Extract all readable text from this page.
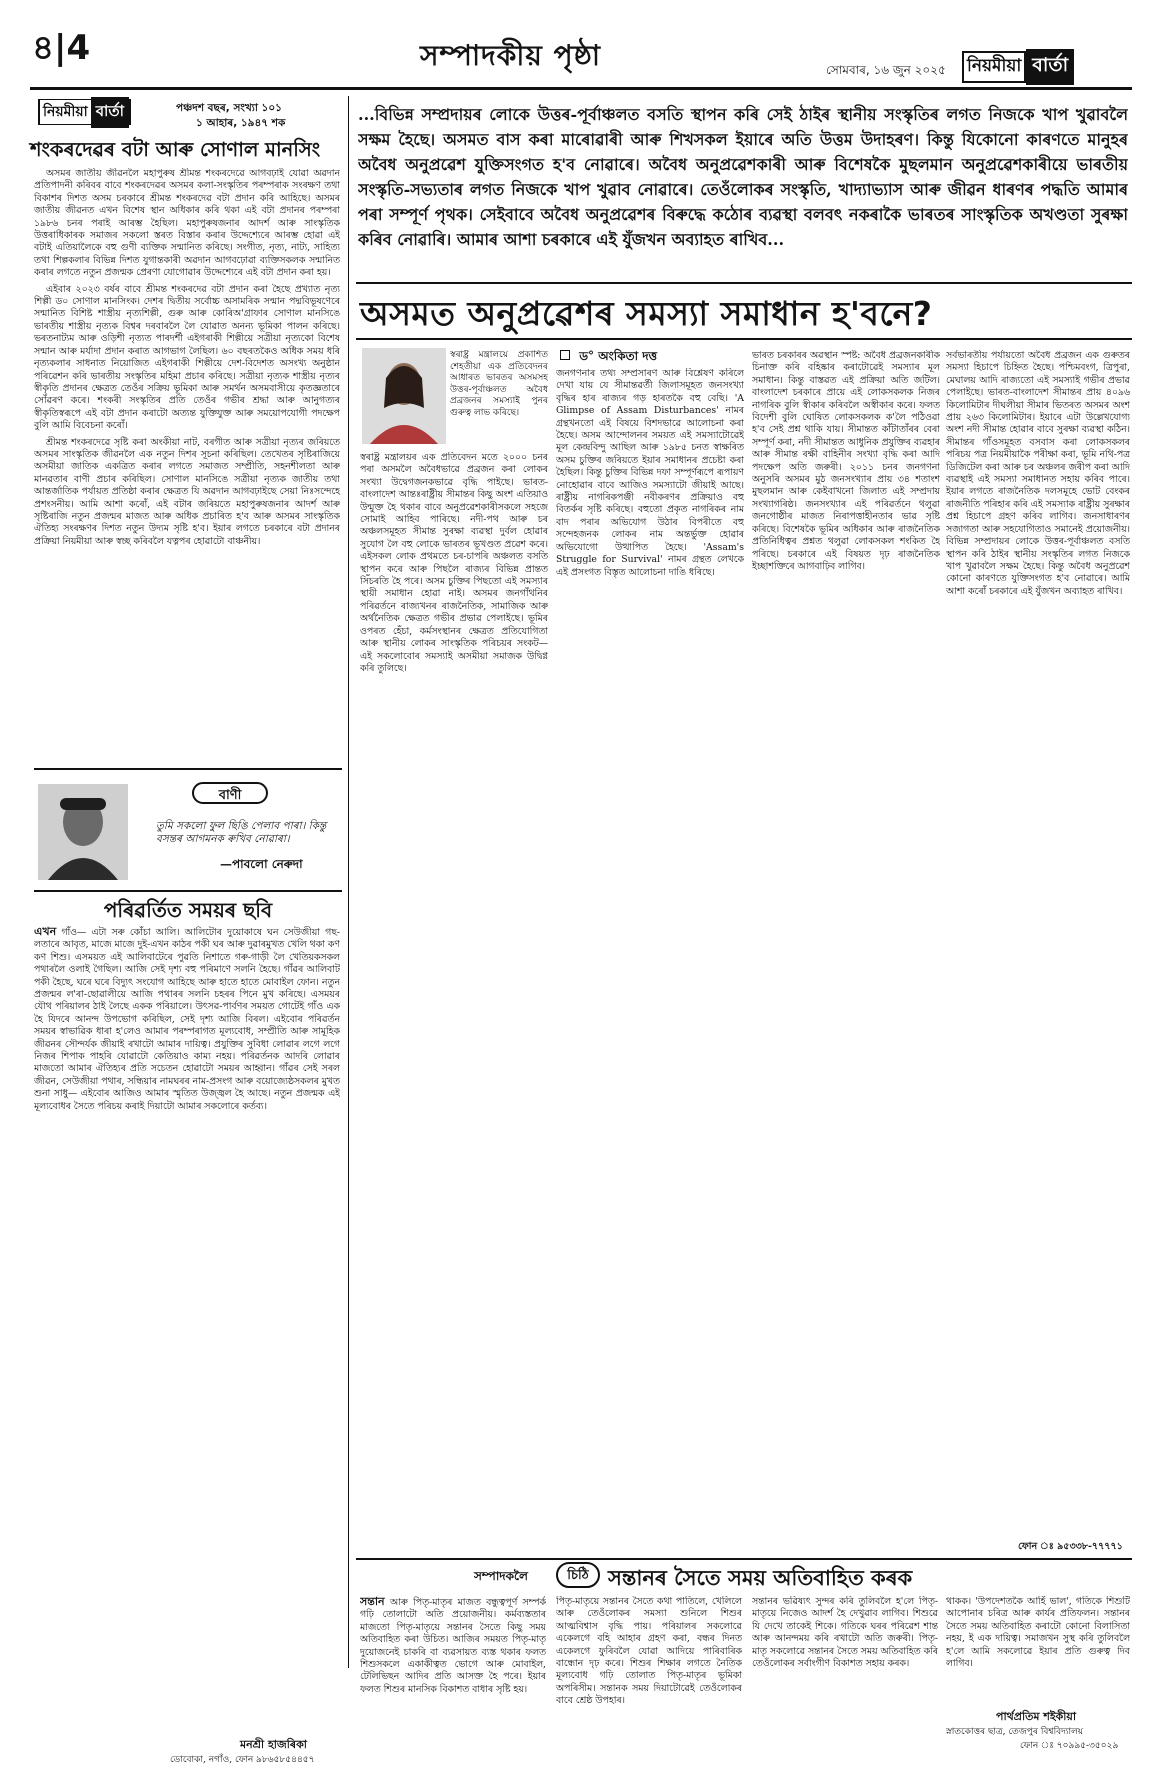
৪|4	সম্পাদকীয় পৃষ্ঠা	সোমবাৰ, ১৬ জুন ২০২৫ নিয়মীয়া বাৰ্তা
নিয়মীয়া বাৰ্তা	পঞ্চদশ বছৰ, সংখ্যা ১০১
১ আহাৰ, ১৯৪৭ শক
শংকৰদেৱৰ বটা আৰু সোণাল মানসিং

অসমৰ জাতীয় জীৱনলৈ মহাপুৰুষ শ্ৰীমন্ত শংকৰদেৱে আগবঢ়াই যোৱা অৱদান প্ৰতিপাদনী কৰিবৰ বাবে শংকৰদেৱৰ অসমৰ কলা-সংস্কৃতিৰ পৰম্পৰাক সংৰক্ষণ তথা বিকাশৰ দিশত অসম চৰকাৰে শ্ৰীমন্ত শংকৰদেৱ বটা প্ৰদান কৰি আহিছে। অসমৰ জাতীয় জীৱনত এখন বিশেষ স্থান অধিকাৰ কৰি থকা এই বটা প্ৰদানৰ পৰম্পৰা ১৯৮৬ চনৰ পৰাই আৰম্ভ হৈছিল। মহাপুৰুষজনাৰ আদৰ্শ আৰু সাংস্কৃতিক উত্তৰাধিকাৰক সমাজৰ সকলো স্তৰত বিস্তাৰ কৰাৰ উদ্দেশ্যেৰে আৰম্ভ হোৱা এই বটাই এতিয়ালৈকে বহু গুণী ব্যক্তিক সন্মানিত কৰিছে। সংগীত, নৃত্য, নাট্য, সাহিত্য তথা শিল্পকলাৰ বিভিন্ন দিশত যুগান্তকাৰী অৱদান আগবঢ়োৱা ব্যক্তিসকলক সন্মানিত কৰাৰ লগতে নতুন প্ৰজন্মক প্ৰেৰণা যোগোৱাৰ উদ্দেশ্যেৰে এই বটা প্ৰদান কৰা হয়।

এইবাৰ ২০২৩ বৰ্ষৰ বাবে শ্ৰীমন্ত শংকৰদেৱ বটা প্ৰদান কৰা হৈছে প্ৰখ্যাত নৃত্য শিল্পী ড০ সোণাল মানসিংক। দেশৰ দ্বিতীয় সৰ্বোচ্চ অসামৰিক সন্মান পদ্মবিভূষণেৰে সন্মানিত বিশিষ্ট শাস্ত্ৰীয় নৃত্যশিল্পী, গুৰু আৰু কোৰিঅ'গ্ৰাফাৰ সোণাল মানসিঙে ভাৰতীয় শাস্ত্ৰীয় নৃত্যক বিশ্বৰ দৰবাৰলৈ লৈ যোৱাত অনন্য ভূমিকা পালন কৰিছে। ভৰতনাট্যম আৰু ওড়িশী নৃত্যত পাৰদৰ্শী এইগৰাকী শিল্পীয়ে সত্ৰীয়া নৃত্যকো বিশেষ সন্মান আৰু মৰ্যাদা প্ৰদান কৰাত আগভাগ লৈছিল। ৬০ বছৰতকৈও অধিক সময় ধৰি নৃত্যকলাৰ সাধনাত নিয়োজিত এইগৰাকী শিল্পীয়ে দেশ-বিদেশত অসংখ্য অনুষ্ঠান পৰিৱেশন কৰি ভাৰতীয় সংস্কৃতিৰ মহিমা প্ৰচাৰ কৰিছে। সত্ৰীয়া নৃত্যক শাস্ত্ৰীয় নৃত্যৰ স্বীকৃতি প্ৰদানৰ ক্ষেত্ৰত তেওঁৰ সক্ৰিয় ভূমিকা আৰু সমৰ্থন অসমবাসীয়ে কৃতজ্ঞতাৰে সোঁৱৰণ কৰে। শংকৰী সংস্কৃতিৰ প্ৰতি তেওঁৰ গভীৰ শ্ৰদ্ধা আৰু আনুগত্যৰ স্বীকৃতিস্বৰূপে এই বটা প্ৰদান কৰাটো অত্যন্ত যুক্তিযুক্ত আৰু সময়োপযোগী পদক্ষেপ বুলি আমি বিবেচনা কৰোঁ।

শ্ৰীমন্ত শংকৰদেৱে সৃষ্টি কৰা অংকীয়া নাট, বৰগীত আৰু সত্ৰীয়া নৃত্যৰ জৰিয়তে অসমৰ সাংস্কৃতিক জীৱনলৈ এক নতুন দিশৰ সূচনা কৰিছিল। তেখেতৰ সৃষ্টিৰাজিয়ে অসমীয়া জাতিক একত্ৰিত কৰাৰ লগতে সমাজত সম্প্ৰীতি, সহনশীলতা আৰু মানৱতাৰ বাণী প্ৰচাৰ কৰিছিল। সোণাল মানসিঙে সত্ৰীয়া নৃত্যক জাতীয় তথা আন্তৰ্জাতিক পৰ্যায়ত প্ৰতিষ্ঠা কৰাৰ ক্ষেত্ৰত যি অৱদান আগবঢ়াইছে সেয়া নিঃসন্দেহে প্ৰশংসনীয়। আমি আশা কৰোঁ, এই বটাৰ জৰিয়তে মহাপুৰুষজনাৰ আদৰ্শ আৰু সৃষ্টিৰাজি নতুন প্ৰজন্মৰ মাজত আৰু অধিক প্ৰচাৰিত হ'ব আৰু অসমৰ সাংস্কৃতিক ঐতিহ্য সংৰক্ষণৰ দিশত নতুন উদ্যম সৃষ্টি হ'ব। ইয়াৰ লগতে চৰকাৰে বটা প্ৰদানৰ প্ৰক্ৰিয়া নিয়মীয়া আৰু স্বচ্ছ কৰিবলৈ যত্নপৰ হোৱাটো বাঞ্চনীয়।

বাণী
তুমি সকলো ফুল ছিঙি পেলাব পাৰা। কিন্তু বসন্তৰ আগমনক ৰুখিব নোৱাৰা।
—পাবলো নেৰুদা
পৰিৱৰ্তিত সময়ৰ ছবি
এখন গাঁও— এটা সৰু কোঁচা আলি। আলিটোৰ দুয়োকাষে ঘন সেউজীয়া গছ-লতাৰে আবৃত, মাজে মাজে দুই-এখন কাঠৰ পকী ঘৰ আৰু দুৱাৰমুখত খেলি থকা কণ কণ শিশু। এসময়ত এই আলিবাটেৰে পুৱতি নিশাতে গৰু-গাড়ী লৈ খেতিয়কসকল পথাৰলৈ ওলাই গৈছিল। আজি সেই দৃশ্য বহু পৰিমাণে সলনি হৈছে। গাঁৱৰ আলিবাট পকী হৈছে, ঘৰে ঘৰে বিদ্যুৎ সংযোগ আহিছে আৰু হাতে হাতে মোবাইল ফোন। নতুন প্ৰজন্মৰ ল'ৰা-ছোৱালীয়ে আজি পথাৰৰ সলনি চহৰৰ পিনে মুখ কৰিছে। এসময়ৰ যৌথ পৰিয়ালৰ ঠাই লৈছে একক পৰিয়ালে। উৎসৱ-পাৰ্বণৰ সময়ত গোটেই গাঁও এক হৈ যিদৰে আনন্দ উপভোগ কৰিছিল, সেই দৃশ্য আজি বিৰল। এইবোৰ পৰিৱৰ্তন সময়ৰ স্বাভাৱিক ধাৰা হ'লেও আমাৰ পৰম্পৰাগত মূল্যবোধ, সম্প্ৰীতি আৰু সামূহিক জীৱনৰ সৌন্দৰ্যক জীয়াই ৰখাটো আমাৰ দায়িত্ব। প্ৰযুক্তিৰ সুবিধা লোৱাৰ লগে লগে নিজৰ শিপাক পাহৰি যোৱাটো কেতিয়াও কাম্য নহয়। পৰিৱৰ্তনক আদৰি লোৱাৰ মাজতো আমাৰ ঐতিহ্যৰ প্ৰতি সচেতন হোৱাটো সময়ৰ আহ্বান। গাঁৱৰ সেই সৰল জীৱন, সেউজীয়া পথাৰ, সন্ধিয়াৰ নামঘৰৰ নাম-প্ৰসংগ আৰু বয়োজ্যেষ্ঠসকলৰ মুখত শুনা সাধু— এইবোৰ আজিও আমাৰ স্মৃতিত উজ্জ্বল হৈ আছে। নতুন প্ৰজন্মক এই মূল্যবোধৰ সৈতে পৰিচয় কৰাই দিয়াটো আমাৰ সকলোৰে কৰ্তব্য।
মনশ্ৰী হাজৰিকা
ডোবোকা, নগাঁও, ফোন ৯৮৬৫৮৫৪৪৫৭
...বিভিন্ন সম্প্ৰদায়ৰ লোকে উত্তৰ-পূৰ্বাঞ্চলত বসতি স্থাপন কৰি সেই ঠাইৰ স্থানীয় সংস্কৃতিৰ লগত নিজকে খাপ খুৱাবলৈ সক্ষম হৈছে। অসমত বাস কৰা মাৰোৱাৰী আৰু শিখসকল ইয়াৰে অতি উত্তম উদাহৰণ। কিন্তু যিকোনো কাৰণতে মানুহৰ অবৈধ অনুপ্ৰৱেশ যুক্তিসংগত হ'ব নোৱাৰে। অবৈধ অনুপ্ৰৱেশকাৰী আৰু বিশেষকৈ মুছলমান অনুপ্ৰৱেশকাৰীয়ে ভাৰতীয় সংস্কৃতি-সভ্যতাৰ লগত নিজকে খাপ খুৱাব নোৱাৰে। তেওঁলোকৰ সংস্কৃতি, খাদ্যাভ্যাস আৰু জীৱন ধাৰণৰ পদ্ধতি আমাৰ পৰা সম্পূৰ্ণ পৃথক। সেইবাবে অবৈধ অনুপ্ৰৱেশৰ বিৰুদ্ধে কঠোৰ ব্যৱস্থা বলবৎ নকৰাকৈ ভাৰতৰ সাংস্কৃতিক অখণ্ডতা সুৰক্ষা কৰিব নোৱাৰি। আমাৰ আশা চৰকাৰে এই যুঁজখন অব্যাহত ৰাখিব...
অসমত অনুপ্ৰৱেশৰ সমস্যা সমাধান হ'বনে?
ড° অংকিতা দত্ত
স্বৰাষ্ট্ৰ মন্ত্ৰালয়ে প্ৰকাশিত শেহতীয়া এক প্ৰতিবেদনৰ আধাৰত ভাৰতৰ অসমসহ উত্তৰ-পূৰ্বাঞ্চলত অবৈধ প্ৰব্ৰজনৰ সমস্যাই পুনৰ গুৰুত্ব লাভ কৰিছে।
স্বৰাষ্ট্ৰ মন্ত্ৰালয়ৰ এক প্ৰতিবেদন মতে ২০০০ চনৰ পৰা অসমলৈ অবৈধভাৱে প্ৰব্ৰজন কৰা লোকৰ সংখ্যা উদ্বেগজনকভাৱে বৃদ্ধি পাইছে। ভাৰত-বাংলাদেশ আন্তঃৰাষ্ট্ৰীয় সীমান্তৰ কিছু অংশ এতিয়াও উন্মুক্ত হৈ থকাৰ বাবে অনুপ্ৰৱেশকাৰীসকলে সহজে সোমাই আহিব পাৰিছে। নদী-পথ আৰু চৰ অঞ্চলসমূহত সীমান্ত সুৰক্ষা ব্যৱস্থা দুৰ্বল হোৱাৰ সুযোগ লৈ বহু লোকে ভাৰতৰ ভূখণ্ডত প্ৰৱেশ কৰে। এইসকল লোক প্ৰথমতে চৰ-চাপৰি অঞ্চলত বসতি স্থাপন কৰে আৰু পিছলৈ ৰাজ্যৰ বিভিন্ন প্ৰান্তত সিঁচৰতি হৈ পৰে। অসম চুক্তিৰ পিছতো এই সমস্যাৰ স্থায়ী সমাধান হোৱা নাই। অসমৰ জনগাঁথনিৰ পৰিৱৰ্তনে ৰাজ্যখনৰ ৰাজনৈতিক, সামাজিক আৰু অৰ্থনৈতিক ক্ষেত্ৰত গভীৰ প্ৰভাৱ পেলাইছে। ভূমিৰ ওপৰত হেঁচা, কৰ্মসংস্থানৰ ক্ষেত্ৰত প্ৰতিযোগিতা আৰু স্থানীয় লোকৰ সাংস্কৃতিক পৰিচয়ৰ সংকট— এই সকলোবোৰ সমস্যাই অসমীয়া সমাজক উদ্বিগ্ন কৰি তুলিছে।
জনগণনাৰ তথ্য সম্প্ৰসাৰণ আৰু বিশ্লেষণ কৰিলে দেখা যায় যে সীমান্তৱৰ্তী জিলাসমূহত জনসংখ্যা বৃদ্ধিৰ হাৰ ৰাজ্যৰ গড় হাৰতকৈ বহু বেছি। 'A Glimpse of Assam Disturbances' নামৰ গ্ৰন্থখনতো এই বিষয়ে বিশদভাৱে আলোচনা কৰা হৈছে। অসম আন্দোলনৰ সময়ত এই সমস্যাটোৱেই মূল কেন্দ্ৰবিন্দু আছিল আৰু ১৯৮৫ চনত স্বাক্ষৰিত অসম চুক্তিৰ জৰিয়তে ইয়াৰ সমাধানৰ প্ৰচেষ্টা কৰা হৈছিল। কিন্তু চুক্তিৰ বিভিন্ন দফা সম্পূৰ্ণৰূপে ৰূপায়ণ নোহোৱাৰ বাবে আজিও সমস্যাটো জীয়াই আছে। ৰাষ্ট্ৰীয় নাগৰিকপঞ্জী নবীকৰণৰ প্ৰক্ৰিয়াও বহু বিতৰ্কৰ সৃষ্টি কৰিছে। বহুতো প্ৰকৃত নাগৰিকৰ নাম বাদ পৰাৰ অভিযোগ উঠাৰ বিপৰীতে বহু সন্দেহজনক লোকৰ নাম অন্তৰ্ভুক্ত হোৱাৰ অভিযোগো উত্থাপিত হৈছে। 'Assam's Struggle for Survival' নামৰ গ্ৰন্থত লেখকে এই প্ৰসংগত বিস্তৃত আলোচনা দাঙি ধৰিছে।
ভাৰত চৰকাৰৰ অৱস্থান স্পষ্ট: অবৈধ প্ৰব্ৰজনকাৰীক চিনাক্ত কৰি বহিষ্কাৰ কৰাটোৱেই সমস্যাৰ মূল সমাধান। কিন্তু বাস্তৱত এই প্ৰক্ৰিয়া অতি জটিল। বাংলাদেশ চৰকাৰে প্ৰায়ে এই লোকসকলক নিজৰ নাগৰিক বুলি স্বীকাৰ কৰিবলৈ অস্বীকাৰ কৰে। ফলত বিদেশী বুলি ঘোষিত লোকসকলক ক'লৈ পঠিওৱা হ'ব সেই প্ৰশ্ন থাকি যায়। সীমান্তত কাঁটাতাঁৰৰ বেৰা সম্পূৰ্ণ কৰা, নদী সীমান্তত আধুনিক প্ৰযুক্তিৰ ব্যৱহাৰ আৰু সীমান্ত ৰক্ষী বাহিনীৰ সংখ্যা বৃদ্ধি কৰা আদি পদক্ষেপ অতি জৰুৰী। ২০১১ চনৰ জনগণনা অনুসৰি অসমৰ মুঠ জনসংখ্যাৰ প্ৰায় ৩৪ শতাংশ মুছলমান আৰু কেইবাখনো জিলাত এই সম্প্ৰদায় সংখ্যাগৰিষ্ঠ। জনসংখ্যাৰ এই পৰিৱৰ্তনে থলুৱা জনগোষ্ঠীৰ মাজত নিৰাপত্তাহীনতাৰ ভাৱ সৃষ্টি কৰিছে। বিশেষকৈ ভূমিৰ অধিকাৰ আৰু ৰাজনৈতিক প্ৰতিনিধিত্বৰ প্ৰশ্নত থলুৱা লোকসকল শংকিত হৈ পৰিছে। চৰকাৰে এই বিষয়ত দৃঢ় ৰাজনৈতিক ইচ্ছাশক্তিৰে আগবাঢ়িব লাগিব।
সৰ্বভাৰতীয় পৰ্যায়তো অবৈধ প্ৰব্ৰজন এক গুৰুতৰ সমস্যা হিচাপে চিহ্নিত হৈছে। পশ্চিমবংগ, ত্ৰিপুৰা, মেঘালয় আদি ৰাজ্যতো এই সমস্যাই গভীৰ প্ৰভাৱ পেলাইছে। ভাৰত-বাংলাদেশ সীমান্তৰ প্ৰায় ৪০৯৬ কিলোমিটাৰ দীঘলীয়া সীমাৰ ভিতৰত অসমৰ অংশ প্ৰায় ২৬৩ কিলোমিটাৰ। ইয়াৰে এটা উল্লেখযোগ্য অংশ নদী সীমান্ত হোৱাৰ বাবে সুৰক্ষা ব্যৱস্থা কঠিন। সীমান্তৰ গাঁওসমূহত বসবাস কৰা লোকসকলৰ পৰিচয় পত্ৰ নিয়মীয়াকৈ পৰীক্ষা কৰা, ভূমি নথি-পত্ৰ ডিজিটেল কৰা আৰু চৰ অঞ্চলৰ জৰীপ কৰা আদি ব্যৱস্থাই এই সমস্যা সমাধানত সহায় কৰিব পাৰে। ইয়াৰ লগতে ৰাজনৈতিক দলসমূহে ভোট বেংকৰ ৰাজনীতি পৰিহাৰ কৰি এই সমস্যাক ৰাষ্ট্ৰীয় সুৰক্ষাৰ প্ৰশ্ন হিচাপে গ্ৰহণ কৰিব লাগিব। জনসাধাৰণৰ সজাগতা আৰু সহযোগিতাও সমানেই প্ৰয়োজনীয়। বিভিন্ন সম্প্ৰদায়ৰ লোকে উত্তৰ-পূৰ্বাঞ্চলত বসতি স্থাপন কৰি ঠাইৰ স্থানীয় সংস্কৃতিৰ লগত নিজকে খাপ খুৱাবলৈ সক্ষম হৈছে। কিন্তু অবৈধ অনুপ্ৰৱেশ কোনো কাৰণতে যুক্তিসংগত হ'ব নোৱাৰে। আমি আশা কৰোঁ চৰকাৰে এই যুঁজখন অব্যাহত ৰাখিব।
ফোন ঃ ৯৫৩৩৮-৭৭৭৭১
সম্পাদকলৈ	চিঠি সন্তানৰ সৈতে সময় অতিবাহিত কৰক
সন্তান আৰু পিতৃ-মাতৃৰ মাজত বন্ধুত্বপূৰ্ণ সম্পৰ্ক গঢ়ি তোলাটো অতি প্ৰয়োজনীয়। কৰ্মব্যস্ততাৰ মাজতো পিতৃ-মাতৃয়ে সন্তানৰ সৈতে কিছু সময় অতিবাহিত কৰা উচিত। আজিৰ সময়ত পিতৃ-মাতৃ দুয়োজনেই চাকৰি বা ব্যৱসায়ত ব্যস্ত থকাৰ ফলত শিশুসকলে একাকীত্বত ভোগে আৰু মোবাইল, টেলিভিছন আদিৰ প্ৰতি আসক্ত হৈ পৰে। ইয়াৰ ফলত শিশুৰ মানসিক বিকাশত বাধাৰ সৃষ্টি হয়।
পিতৃ-মাতৃয়ে সন্তানৰ সৈতে কথা পাতিলে, খেলিলে আৰু তেওঁলোকৰ সমস্যা শুনিলে শিশুৰ আত্মবিশ্বাস বৃদ্ধি পায়। পৰিয়ালৰ সকলোৱে একেলগে বহি আহাৰ গ্ৰহণ কৰা, বন্ধৰ দিনত একেলগে ফুৰিবলৈ যোৱা আদিয়ে পাৰিবাৰিক বান্ধোন দৃঢ় কৰে। শিশুৰ শিক্ষাৰ লগতে নৈতিক মূল্যবোধ গঢ়ি তোলাত পিতৃ-মাতৃৰ ভূমিকা অপৰিসীম। সন্তানক সময় দিয়াটোৱেই তেওঁলোকৰ বাবে শ্ৰেষ্ঠ উপহাৰ।
সন্তানৰ ভৱিষ্যৎ সুন্দৰ কৰি তুলিবলৈ হ'লে পিতৃ-মাতৃয়ে নিজেও আদৰ্শ হৈ দেখুৱাব লাগিব। শিশুৱে যি দেখে তাকেই শিকে। গতিকে ঘৰৰ পৰিৱেশ শান্ত আৰু আনন্দময় কৰি ৰখাটো অতি জৰুৰী। পিতৃ-মাতৃ সকলোৱে সন্তানৰ সৈতে সময় অতিবাহিত কৰি তেওঁলোকৰ সৰ্বাংগীণ বিকাশত সহায় কৰক।
থাকক। 'উপদেশতকৈ আৰ্হি ভাল', গতিকে শিশুটি আপোনাৰ চৰিত্ৰ আৰু কাৰ্যৰ প্ৰতিফলন। সন্তানৰ সৈতে সময় অতিবাহিত কৰাটো কোনো বিলাসিতা নহয়, ই এক দায়িত্ব। সমাজখন সুস্থ কৰি তুলিবলৈ হ'লে আমি সকলোৱে ইয়াৰ প্ৰতি গুৰুত্ব দিব লাগিব।
পাৰ্থপ্ৰতিম শইকীয়া
স্নাতকোত্তৰ ছাত্ৰ, তেজপুৰ বিশ্ববিদ্যালয়
ফোন ঃ ৭০৯৯৫-৩৫০২৯
